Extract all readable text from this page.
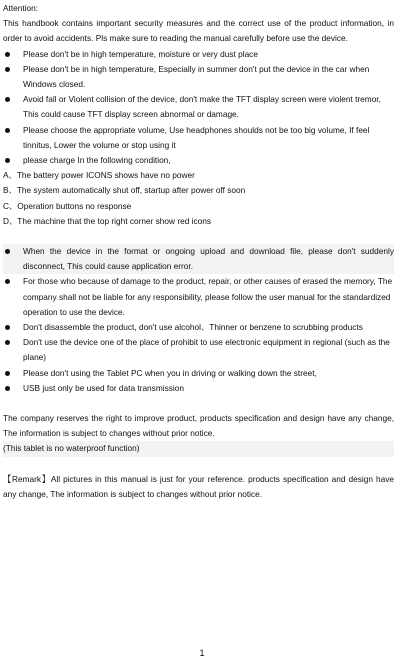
Attention:

This handbook contains important security measures and the correct use of the product information, in order to avoid accidents. Pls make sure to reading the manual carefully before use the device.

Please don't be in high temperature, moisture or very dust place
Please don't be in high temperature, Especially in summer don't put the device in the car when Windows closed.
Avoid fall or Violent collision of the device, don't make the TFT display screen were violent tremor, This could cause TFT display screen abnormal or damage.
Please choose the appropriate volume, Use headphones shoulds not be too big volume, If feel tinnitus, Lower the volume or stop using it
please charge In the following condition,
A、The battery power ICONS shows have no power
B、The system automatically shut off, startup after power off soon
C、Operation buttons no response
D、The machine that the top right corner show red icons
When the device in the format or ongoing upload and download file, please don't suddenly disconnect, This could cause application error.
For those who because of damage to the product, repair, or other causes of erased the memory, The company shall not be liable for any responsibility, please follow the user manual for the standardized operation to use the device.
Don't disassemble the product, don't use alcohol、Thinner or benzene to scrubbing products
Don't use the device one of the place of prohibit to use electronic equipment in regional (such as the plane)
Please don't using the Tablet PC when you in driving or walking down the street,
USB just only be used for data transmission

The company reserves the right to improve product, products specification and design have any change, The information is subject to changes without prior notice.

(This tablet is no waterproof function)

【Remark】All pictures in this manual is just for your reference. products specification and design have any change, The information is subject to changes without prior notice.

1
